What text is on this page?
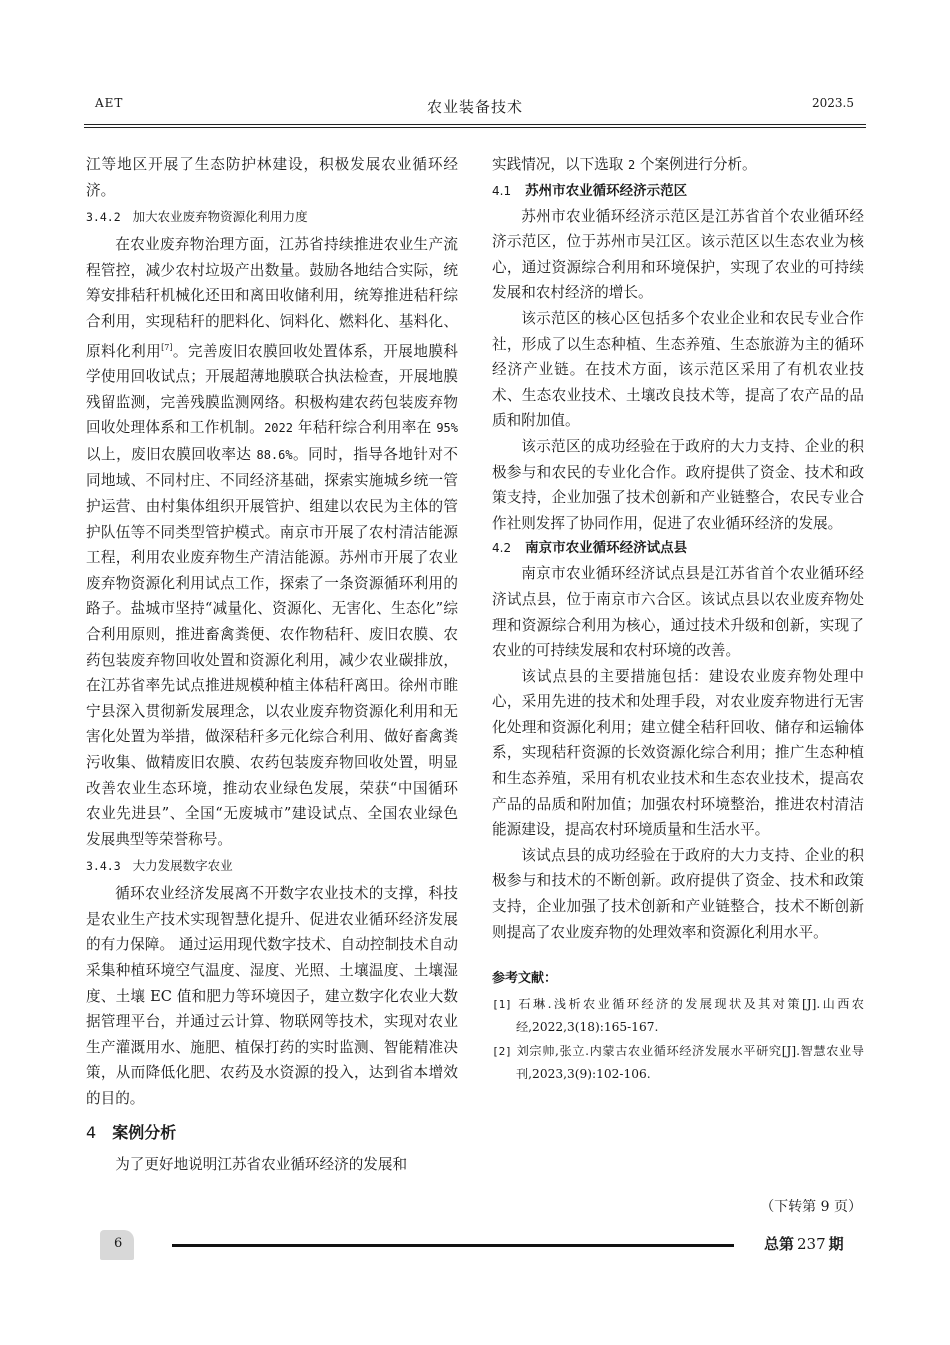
AET	农业装备技术	2023.5

江等地区开展了生态防护林建设，积极发展农业循环经济。

3.4.2 加大农业废弃物资源化利用力度

在农业废弃物治理方面，江苏省持续推进农业生产流程管控，减少农村垃圾产出数量。鼓励各地结合实际，统筹安排秸秆机械化还田和离田收储利用，统筹推进秸秆综合利用，实现秸秆的肥料化、饲料化、燃料化、基料化、原料化利用[7]。完善废旧农膜回收处置体系，开展地膜科学使用回收试点；开展超薄地膜联合执法检查，开展地膜残留监测，完善残膜监测网络。积极构建农药包装废弃物回收处理体系和工作机制。2022 年秸秆综合利用率在 95%以上，废旧农膜回收率达 88.6%。同时，指导各地针对不同地域、不同村庄、不同经济基础，探索实施城乡统一管护运营、由村集体组织开展管护、组建以农民为主体的管护队伍等不同类型管护模式。南京市开展了农村清洁能源工程，利用农业废弃物生产清洁能源。苏州市开展了农业废弃物资源化利用试点工作，探索了一条资源循环利用的路子。盐城市坚持“减量化、资源化、无害化、生态化”综合利用原则，推进畜禽粪便、农作物秸秆、废旧农膜、农药包装废弃物回收处置和资源化利用，减少农业碳排放，在江苏省率先试点推进规模种植主体秸秆离田。徐州市睢宁县深入贯彻新发展理念，以农业废弃物资源化利用和无害化处置为举措，做深秸秆多元化综合利用、做好畜禽粪污收集、做精废旧农膜、农药包装废弃物回收处置，明显改善农业生态环境，推动农业绿色发展，荣获“中国循环农业先进县”、全国“无废城市”建设试点、全国农业绿色发展典型等荣誉称号。

3.4.3 大力发展数字农业

循环农业经济发展离不开数字农业技术的支撑，科技是农业生产技术实现智慧化提升、促进农业循环经济发展的有力保障。 通过运用现代数字技术、自动控制技术自动采集种植环境空气温度、湿度、光照、土壤温度、土壤湿度、土壤 EC 值和肥力等环境因子，建立数字化农业大数据管理平台，并通过云计算、物联网等技术，实现对农业生产灌溉用水、施肥、植保打药的实时监测、智能精准决策，从而降低化肥、农药及水资源的投入，达到省本增效的目的。

4 案例分析

为了更好地说明江苏省农业循环经济的发展和

实践情况，以下选取 2 个案例进行分析。

4.1 苏州市农业循环经济示范区

苏州市农业循环经济示范区是江苏省首个农业循环经济示范区，位于苏州市吴江区。该示范区以生态农业为核心，通过资源综合利用和环境保护，实现了农业的可持续发展和农村经济的增长。

该示范区的核心区包括多个农业企业和农民专业合作社，形成了以生态种植、生态养殖、生态旅游为主的循环经济产业链。在技术方面，该示范区采用了有机农业技术、生态农业技术、土壤改良技术等，提高了农产品的品质和附加值。

该示范区的成功经验在于政府的大力支持、企业的积极参与和农民的专业化合作。政府提供了资金、技术和政策支持，企业加强了技术创新和产业链整合，农民专业合作社则发挥了协同作用，促进了农业循环经济的发展。

4.2 南京市农业循环经济试点县

南京市农业循环经济试点县是江苏省首个农业循环经济试点县，位于南京市六合区。该试点县以农业废弃物处理和资源综合利用为核心，通过技术升级和创新，实现了农业的可持续发展和农村环境的改善。

该试点县的主要措施包括：建设农业废弃物处理中心，采用先进的技术和处理手段，对农业废弃物进行无害化处理和资源化利用；建立健全秸秆回收、储存和运输体系，实现秸秆资源的长效资源化综合利用；推广生态种植和生态养殖，采用有机农业技术和生态农业技术，提高农产品的品质和附加值；加强农村环境整治，推进农村清洁能源建设，提高农村环境质量和生活水平。

该试点县的成功经验在于政府的大力支持、企业的积极参与和技术的不断创新。政府提供了资金、技术和政策支持，企业加强了技术创新和产业链整合，技术不断创新则提高了农业废弃物的处理效率和资源化利用水平。

参考文献：
[1] 石琳.浅析农业循环经济的发展现状及其对策[J].山西农经,2022,3(18):165-167.
[2] 刘宗帅,张立.内蒙古农业循环经济发展水平研究[J].智慧农业导刊,2023,3(9):102-106.
（下转第 9 页）
6	总第 237 期
